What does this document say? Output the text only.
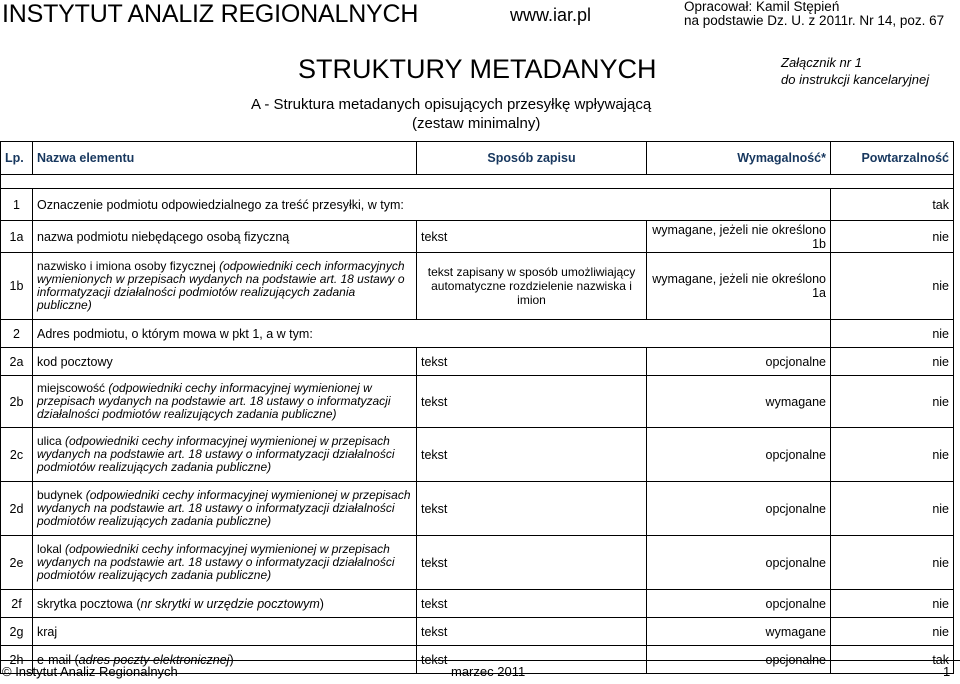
INSTYTUT ANALIZ REGIONALNYCH	www.iar.pl	Opracował: Kamil Stępień
na podstawie Dz. U. z 2011r. Nr 14, poz. 67
STRUKTURY METADANYCH
A - Struktura metadanych opisujących przesyłkę wpływającą
(zestaw minimalny)
Załącznik nr 1
do instrukcji kancelaryjnej
Lp.	Nazwa elementu	Sposób zapisu	Wymagalność*	Powtarzalność

1	Oznaczenie podmiotu odpowiedzialnego za treść przesyłki, w tym:			tak
1a	nazwa podmiotu niebędącego osobą fizyczną	tekst	wymagane, jeżeli nie określono 1b	nie
1b	nazwisko i imiona osoby fizycznej (odpowiedniki cech informacyjnych wymienionych w przepisach wydanych na podstawie art. 18 ustawy o informatyzacji działalności podmiotów realizujących zadania publiczne)	tekst zapisany w sposób umożliwiający automatyczne rozdzielenie nazwiska i imion	wymagane, jeżeli nie określono 1a	nie
2	Adres podmiotu, o którym mowa w pkt 1, a w tym:			nie
2a	kod pocztowy	tekst	opcjonalne	nie
2b	miejscowość (odpowiedniki cechy informacyjnej wymienionej w przepisach wydanych na podstawie art. 18 ustawy o informatyzacji działalności podmiotów realizujących zadania publiczne)	tekst	wymagane	nie
2c	ulica (odpowiedniki cechy informacyjnej wymienionej w przepisach wydanych na podstawie art. 18 ustawy o informatyzacji działalności podmiotów realizujących zadania publiczne)	tekst	opcjonalne	nie
2d	budynek (odpowiedniki cechy informacyjnej wymienionej w przepisach wydanych na podstawie art. 18 ustawy o informatyzacji działalności podmiotów realizujących zadania publiczne)	tekst	opcjonalne	nie
2e	lokal (odpowiedniki cechy informacyjnej wymienionej w przepisach wydanych na podstawie art. 18 ustawy o informatyzacji działalności podmiotów realizujących zadania publiczne)	tekst	opcjonalne	nie
2f	skrytka pocztowa (nr skrytki w urzędzie pocztowym)	tekst	opcjonalne	nie
2g	kraj	tekst	wymagane	nie
2h	e-mail (adres poczty elektronicznej)	tekst	opcjonalne	tak
© Instytut Analiz Regionalnych	marzec 2011	1
